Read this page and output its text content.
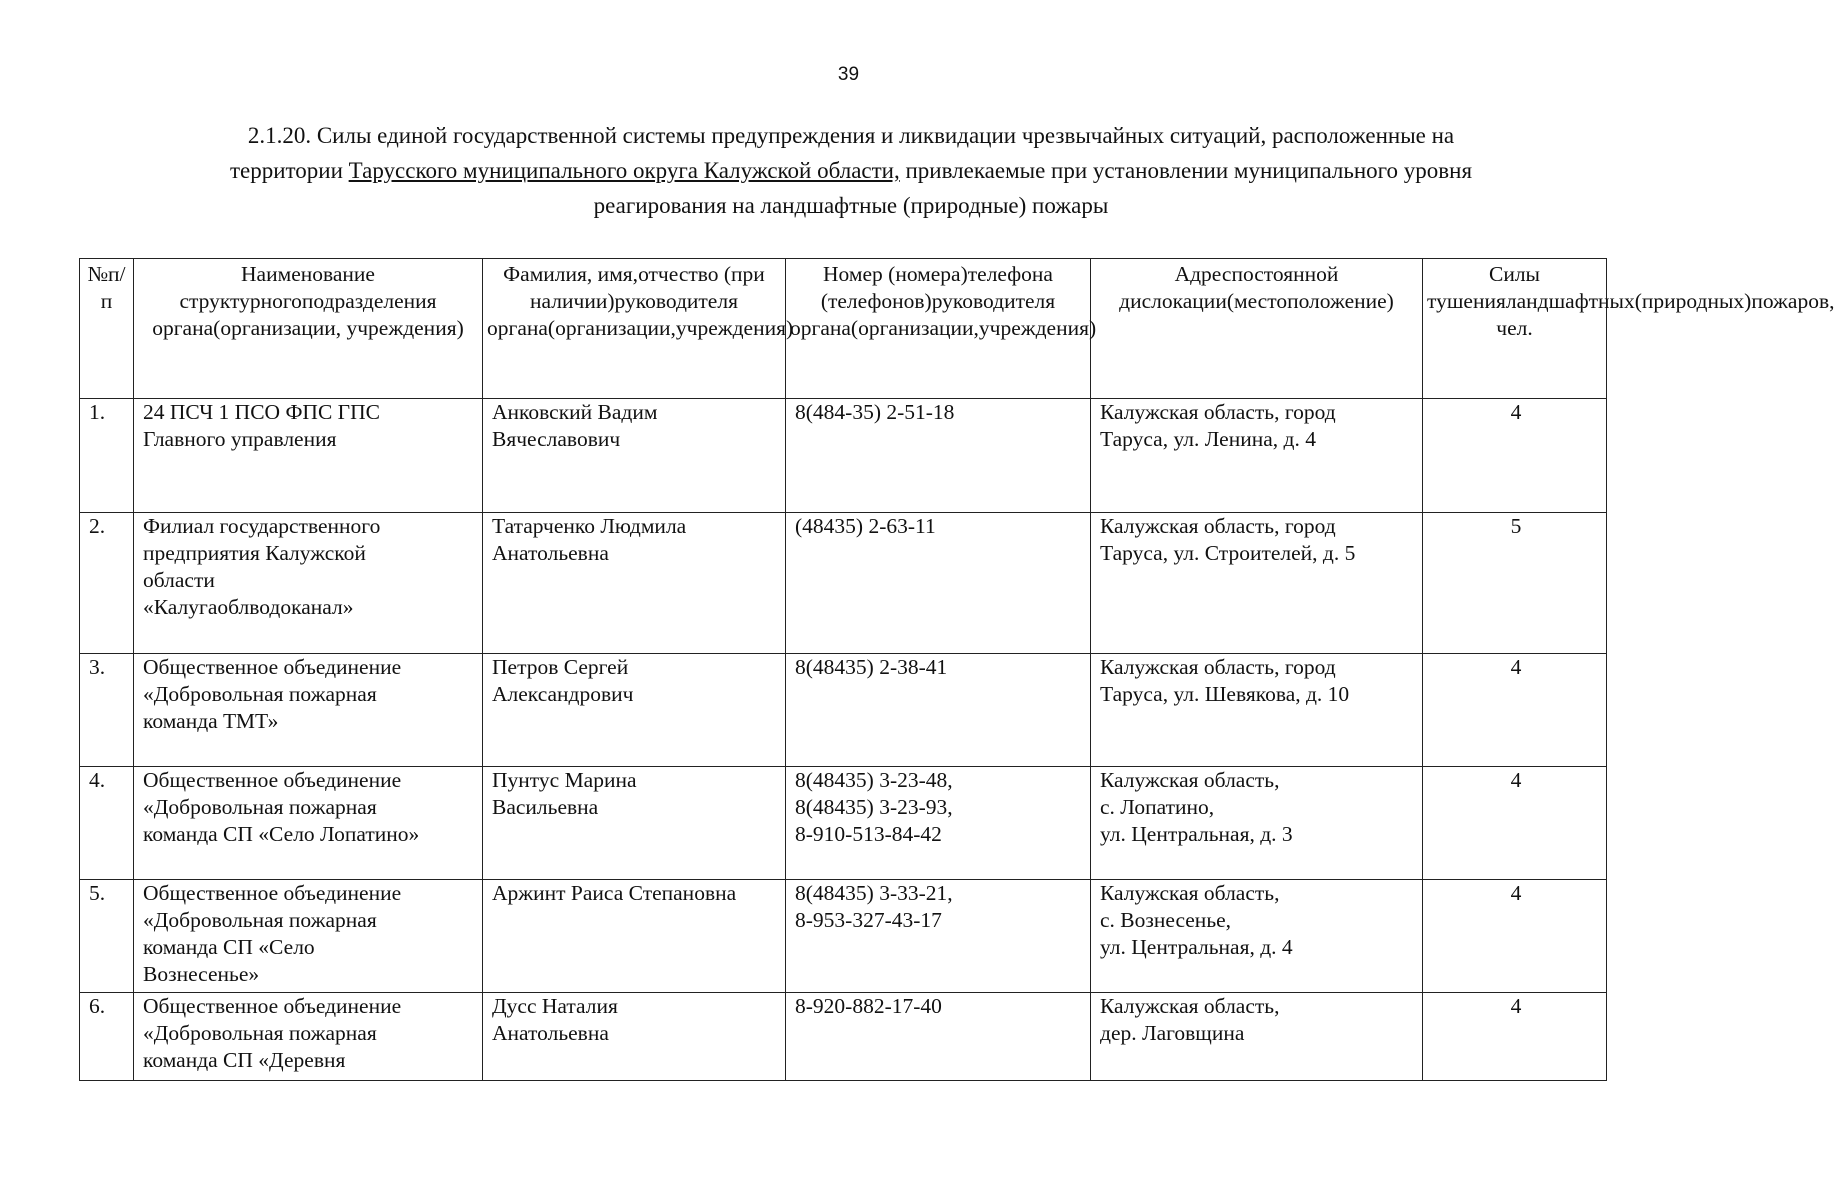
39
2.1.20. Силы единой государственной системы предупреждения и ликвидации чрезвычайных ситуаций, расположенные на
территории Тарусского муниципального округа Калужской области, привлекаемые при установлении муниципального уровня
реагирования на ландшафтные (природные) пожары
№п/п	Наименование структурногоподразделения органа(организации, учреждения)	Фамилия, имя,отчество (при наличии)руководителя органа(организации,учреждения)	Номер (номера)телефона (телефонов)руководителя органа(организации,учреждения)	Адреспостоянной дислокации(местоположение)	Силы тушенияландшафтных(природных)пожаров, чел.
1.	24 ПСЧ 1 ПСО ФПС ГПС
Главного управления	Анковский Вадим
Вячеславович	8(484-35) 2-51-18	Калужская область, город
Таруса, ул. Ленина, д. 4	4
2.	Филиал государственного
предприятия Калужской
области
«Калугаоблводоканал»	Татарченко Людмила
Анатольевна	(48435) 2-63-11	Калужская область, город
Таруса, ул. Строителей, д. 5	5
3.	Общественное объединение
«Добровольная пожарная
команда ТМТ»	Петров Сергей
Александрович	8(48435) 2-38-41	Калужская область, город
Таруса, ул. Шевякова, д. 10	4
4.	Общественное объединение
«Добровольная пожарная
команда СП «Село Лопатино»	Пунтус Марина
Васильевна	8(48435) 3-23-48,
8(48435) 3-23-93,
8-910-513-84-42	Калужская область,
с. Лопатино,
ул. Центральная, д. 3	4
5.	Общественное объединение
«Добровольная пожарная
команда СП «Село
Вознесенье»	Аржинт Раиса Степановна	8(48435) 3-33-21,
8-953-327-43-17	Калужская область,
с. Вознесенье,
ул. Центральная, д. 4	4
6.	Общественное объединение
«Добровольная пожарная
команда СП «Деревня	Дусс Наталия
Анатольевна	8-920-882-17-40	Калужская область,
дер. Лаговщина	4
